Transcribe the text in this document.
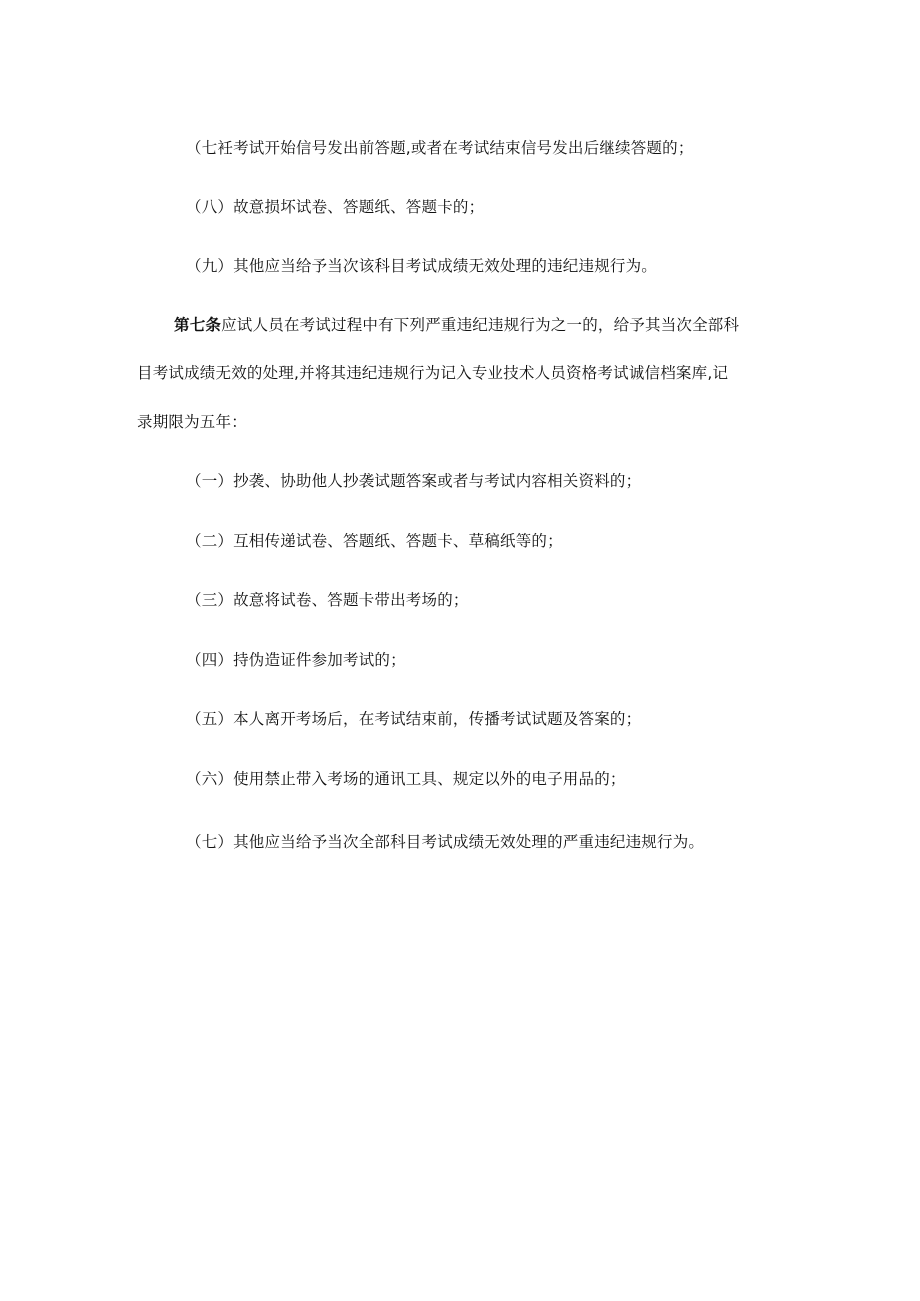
（七衽考试开始信号发出前答题,或者在考试结束信号发出后继续答题的；
（八）故意损坏试卷、答题纸、答题卡的；
（九）其他应当给予当次该科目考试成绩无效处理的违纪违规行为。
第七条应试人员在考试过程中有下列严重违纪违规行为之一的，给予其当次全部科
目考试成绩无效的处理,并将其违纪违规行为记入专业技术人员资格考试诚信档案库,记
录期限为五年：
（一）抄袭、协助他人抄袭试题答案或者与考试内容相关资料的；
（二）互相传递试卷、答题纸、答题卡、草稿纸等的；
（三）故意将试卷、答题卡带出考场的；
（四）持伪造证件参加考试的；
（五）本人离开考场后，在考试结束前，传播考试试题及答案的；
（六）使用禁止带入考场的通讯工具、规定以外的电子用品的；
（七）其他应当给予当次全部科目考试成绩无效处理的严重违纪违规行为。
